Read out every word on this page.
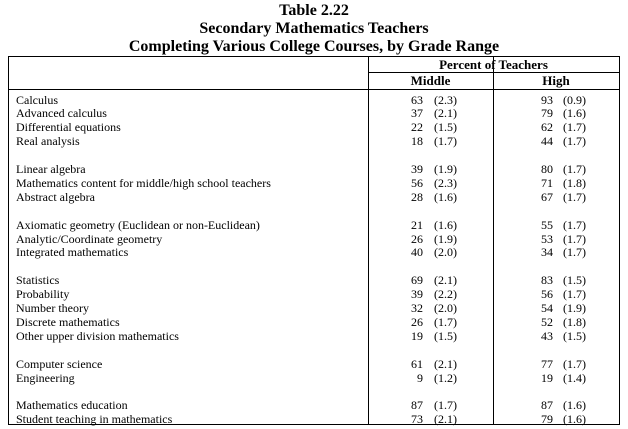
Table 2.22
Secondary Mathematics Teachers
Completing Various College Courses, by Grade Range
Percent of Teachers
Middle	High
Calculus	63 (2.3)	93 (0.9)
Advanced calculus	37 (2.1)	79 (1.6)
Differential equations	22 (1.5)	62 (1.7)
Real analysis	18 (1.7)	44 (1.7)
Linear algebra	39 (1.9)	80 (1.7)
Mathematics content for middle/high school teachers	56 (2.3)	71 (1.8)
Abstract algebra	28 (1.6)	67 (1.7)
Axiomatic geometry (Euclidean or non-Euclidean)	21 (1.6)	55 (1.7)
Analytic/Coordinate geometry	26 (1.9)	53 (1.7)
Integrated mathematics	40 (2.0)	34 (1.7)
Statistics	69 (2.1)	83 (1.5)
Probability	39 (2.2)	56 (1.7)
Number theory	32 (2.0)	54 (1.9)
Discrete mathematics	26 (1.7)	52 (1.8)
Other upper division mathematics	19 (1.5)	43 (1.5)
Computer science	61 (2.1)	77 (1.7)
Engineering	9 (1.2)	19 (1.4)
Mathematics education	87 (1.7)	87 (1.6)
Student teaching in mathematics	73 (2.1)	79 (1.6)
